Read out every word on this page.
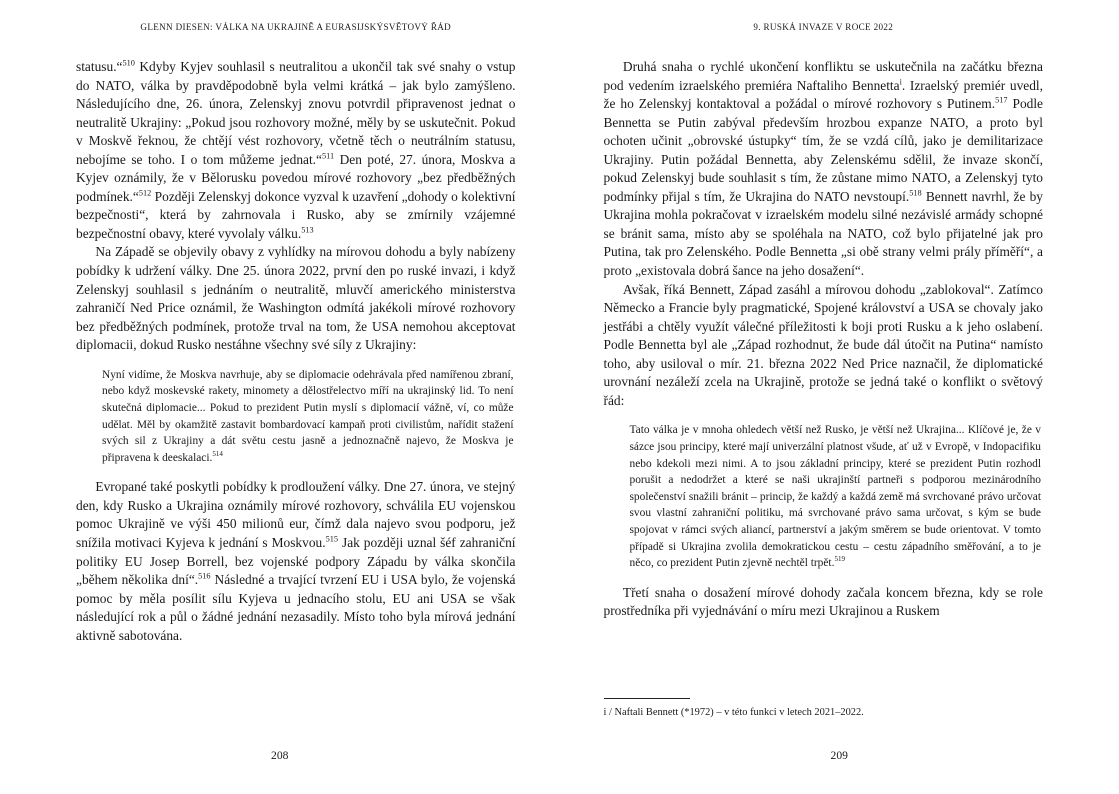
GLENN DIESEN: VÁLKA NA UKRAJINĚ A EURASIJSKÝSVĚTOVÝ ŘÁD

statusu.“$^{510}$ Kdyby Kyjev souhlasil s neutralitou a ukončil tak své snahy o vstup do NATO, válka by pravděpodobně byla velmi krátká – jak bylo zamýšleno. Následujícího dne, 26. února, Zelenskyj znovu potvrdil připravenost jednat o neutralitě Ukrajiny: „Pokud jsou rozhovory možné, měly by se uskutečnit. Pokud v Moskvě řeknou, že chtějí vést rozhovory, včetně těch o neutrálním statusu, nebojíme se toho. I o tom můžeme jednat.“$^{511}$ Den poté, 27. února, Moskva a Kyjev oznámily, že v Bělorusku povedou mírové rozhovory „bez předběžných podmínek.“$^{512}$ Později Zelenskyj dokonce vyzval k uzavření „dohody o kolektivní bezpečnosti“, která by zahrnovala i Rusko, aby se zmírnily vzájemné bezpečnostní obavy, které vyvolaly válku.$^{513}$

Na Západě se objevily obavy z vyhlídky na mírovou dohodu a byly nabízeny pobídky k udržení války. Dne 25. února 2022, první den po ruské invazi, i když Zelenskyj souhlasil s jednáním o neutralitě, mluvčí amerického ministerstva zahraničí Ned Price oznámil, že Washington odmítá jakékoli mírové rozhovory bez předběžných podmínek, protože trval na tom, že USA nemohou akceptovat diplomacii, dokud Rusko nestáhne všechny své síly z Ukrajiny:

Nyní vidíme, že Moskva navrhuje, aby se diplomacie odehrávala před namířenou zbraní, nebo když moskevské rakety, minomety a dělostřelectvo míří na ukrajinský lid. To není skutečná diplomacie... Pokud to prezident Putin myslí s diplomacií vážně, ví, co může udělat. Měl by okamžitě zastavit bombardovací kampaň proti civilistům, nařídit stažení svých sil z Ukrajiny a dát světu cestu jasně a jednoznačně najevo, že Moskva je připravena k deeskalaci.$^{514}$

Evropané také poskytli pobídky k prodloužení války. Dne 27. února, ve stejný den, kdy Rusko a Ukrajina oznámily mírové rozhovory, schválila EU vojenskou pomoc Ukrajině ve výši 450 milionů eur, čímž dala najevo svou podporu, jež snížila motivaci Kyjeva k jednání s Moskvou.$^{515}$ Jak později uznal šéf zahraniční politiky EU Josep Borrell, bez vojenské podpory Západu by válka skončila „během několika dní“.$^{516}$ Následné a trvající tvrzení EU i USA bylo, že vojenská pomoc by měla posílit sílu Kyjeva u jednacího stolu, EU ani USA se však následující rok a půl o žádné jednání nezasadily. Místo toho byla mírová jednání aktivně sabotována.

208
9. RUSKÁ INVAZE V ROCE 2022

Druhá snaha o rychlé ukončení konfliktu se uskutečnila na začátku března pod vedením izraelského premiéra Naftaliho Bennetta$^i$. Izraelský premiér uvedl, že ho Zelenskyj kontaktoval a požádal o mírové rozhovory s Putinem.$^{517}$ Podle Bennetta se Putin zabýval především hrozbou expanze NATO, a proto byl ochoten učinit „obrovské ústupky“ tím, že se vzdá cílů, jako je demilitarizace Ukrajiny. Putin požádal Bennetta, aby Zelenskému sdělil, že invaze skončí, pokud Zelenskyj bude souhlasit s tím, že zůstane mimo NATO, a Zelenskyj tyto podmínky přijal s tím, že Ukrajina do NATO nevstoupí.$^{518}$ Bennett navrhl, že by Ukrajina mohla pokračovat v izraelském modelu silné nezávislé armády schopné se bránit sama, místo aby se spoléhala na NATO, což bylo přijatelné jak pro Putina, tak pro Zelenského. Podle Bennetta „si obě strany velmi prály příměří“, a proto „existovala dobrá šance na jeho dosažení“.

Avšak, říká Bennett, Západ zasáhl a mírovou dohodu „zablokoval“. Zatímco Německo a Francie byly pragmatické, Spojené království a USA se chovaly jako jestřábi a chtěly využít válečné příležitosti k boji proti Rusku a k jeho oslabení. Podle Bennetta byl ale „Západ rozhodnut, že bude dál útočit na Putina“ namísto toho, aby usiloval o mír. 21. března 2022 Ned Price naznačil, že diplomatické urovnání nezáleží zcela na Ukrajině, protože se jedná také o konflikt o světový řád:

Tato válka je v mnoha ohledech větší než Rusko, je větší než Ukrajina... Klíčové je, že v sázce jsou principy, které mají univerzální platnost všude, ať už v Evropě, v Indopacifiku nebo kdekoli mezi nimi. A to jsou základní principy, které se prezident Putin rozhodl porušit a nedodržet a které se naši ukrajinští partneři s podporou mezinárodního společenství snažili bránit – princip, že každý a každá země má svrchované právo určovat svou vlastní zahraniční politiku, má svrchované právo sama určovat, s kým se bude spojovat v rámci svých aliancí, partnerství a jakým směrem se bude orientovat. V tomto případě si Ukrajina zvolila demokratickou cestu – cestu západního směřování, a to je něco, co prezident Putin zjevně nechtěl trpět.$^{519}$

Třetí snaha o dosažení mírové dohody začala koncem března, kdy se role prostředníka při vyjednávání o míru mezi Ukrajinou a Ruskem

i / Naftali Bennett (*1972) – v této funkci v letech 2021–2022.
209
